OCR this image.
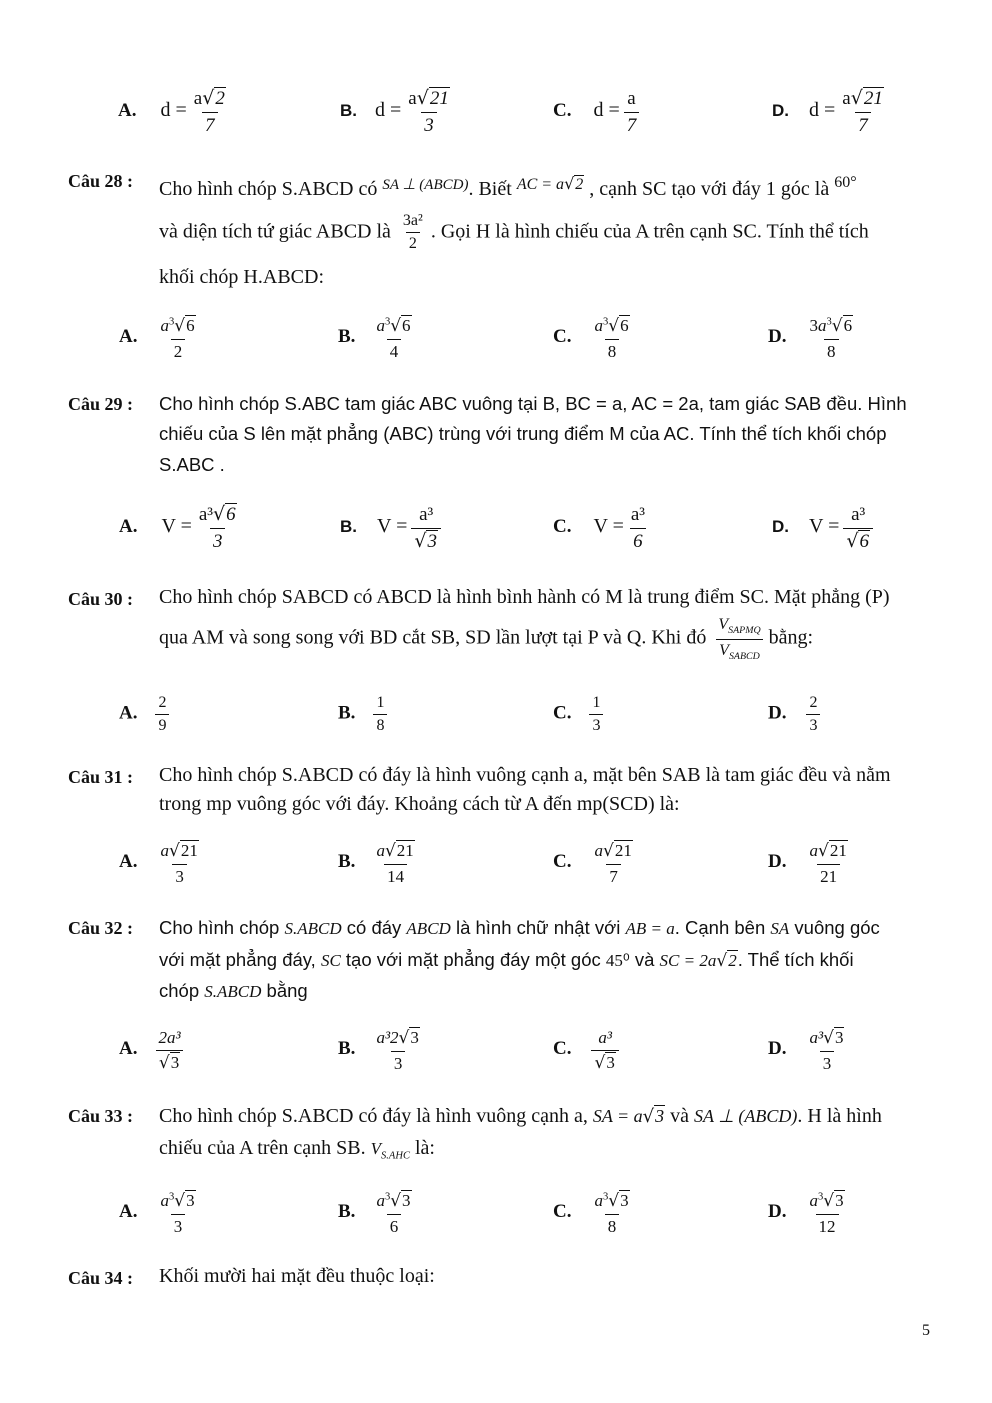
A. $d = \frac{a√2}{7}$	B. $d = \frac{a√21}{3}$	C. $d = \frac{a}{7}$	D. $d = \frac{a√21}{7}$
Câu 28 : Cho hình chóp S.ABCD có $^{SA \perp (ABCD)}$. Biết $^{AC = a√2}$ , cạnh SC tạo với đáy 1 góc là $^{60^\circ}$
và diện tích tứ giác ABCD là $\frac{\text{3a²}}{2}$ . Gọi H là hình chiếu của A trên cạnh SC. Tính thể tích
khối chóp H.ABCD:
A. $\frac{a^3√6}{2}$	B. $\frac{a^3√6}{4}$	C. $\frac{a^3√6}{8}$	D. $\frac{3a^3√6}{8}$
Câu 29 : Cho hình chóp S.ABC tam giác ABC vuông tại B, BC = a, AC = 2a, tam giác SAB đều. Hình
chiếu của S lên mặt phẳng (ABC) trùng với trung điểm M của AC. Tính thể tích khối chóp
S.ABC .
A. $V = \frac{\text{a³√6}}{3}$	B. $V = \frac{\text{a³}}{√3}$	C. $V = \frac{\text{a³}}{6}$	D. $V = \frac{\text{a³}}{√6}$
Câu 30 : Cho hình chóp SABCD có ABCD là hình bình hành có M là trung điểm SC. Mặt phẳng (P)
qua AM và song song với BD cắt SB, SD lần lượt tại P và Q. Khi đó $\frac{V_{SAPMQ}}{V_{SABCD}}$ bằng:
A. $\frac{2}{9}$	B. $\frac{1}{8}$	C. $\frac{1}{3}$	D. $\frac{2}{3}$
Câu 31 : Cho hình chóp S.ABCD có đáy là hình vuông cạnh a, mặt bên SAB là tam giác đều và nằm
trong mp vuông góc với đáy. Khoảng cách từ A đến mp(SCD) là:
A. $\frac{a√21}{3}$	B. $\frac{a√21}{14}$	C. $\frac{a√21}{7}$	D. $\frac{a√21}{21}$
Câu 32 : Cho hình chóp S.ABCD có đáy ABCD là hình chữ nhật với AB = a. Cạnh bên SA vuông góc
với mặt phẳng đáy, SC tạo với mặt phẳng đáy một góc 45⁰ và SC = 2a√2. Thể tích khối
chóp S.ABCD bằng
A. $\frac{\text{2a³}}{√3}$	B. $\frac{\text{a³2√3}}{3}$	C. $\frac{\text{a³}}{√3}$	D. $\frac{\text{a³√3}}{3}$
Câu 33 : Cho hình chóp S.ABCD có đáy là hình vuông cạnh a, SA = a√3 và SA ⊥ (ABCD). H là hình
chiếu của A trên cạnh SB. $V_{S.AHC}$ là:
A. $\frac{a^3√3}{3}$	B. $\frac{a^3√3}{6}$	C. $\frac{a^3√3}{8}$	D. $\frac{a^3√3}{12}$
Câu 34 : Khối mười hai mặt đều thuộc loại:
5
